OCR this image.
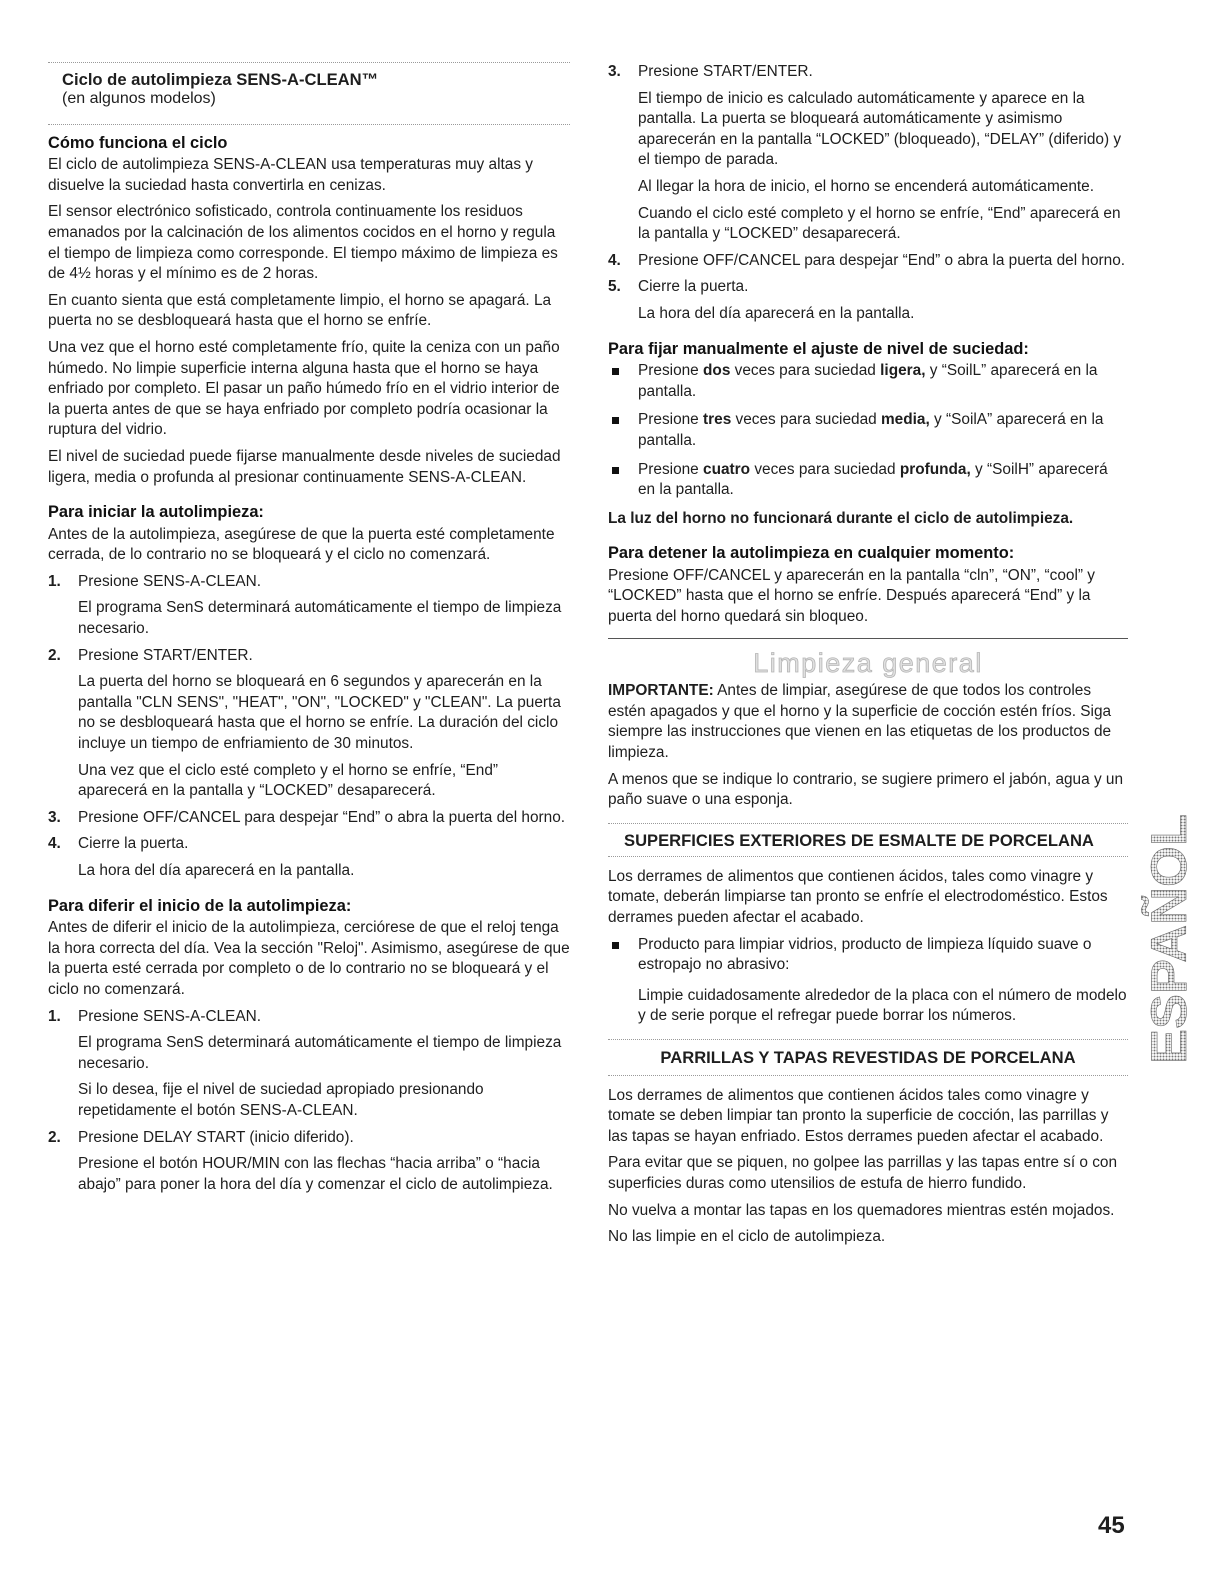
Ciclo de autolimpieza SENS-A-CLEAN™
(en algunos modelos)
Cómo funciona el ciclo

El ciclo de autolimpieza SENS-A-CLEAN usa temperaturas muy altas y disuelve la suciedad hasta convertirla en cenizas.

El sensor electrónico sofisticado, controla continuamente los residuos emanados por la calcinación de los alimentos cocidos en el horno y regula el tiempo de limpieza como corresponde. El tiempo máximo de limpieza es de 4½ horas y el mínimo es de 2 horas.

En cuanto sienta que está completamente limpio, el horno se apagará. La puerta no se desbloqueará hasta que el horno se enfríe.

Una vez que el horno esté completamente frío, quite la ceniza con un paño húmedo. No limpie superficie interna alguna hasta que el horno se haya enfriado por completo. El pasar un paño húmedo frío en el vidrio interior de la puerta antes de que se haya enfriado por completo podría ocasionar la ruptura del vidrio.

El nivel de suciedad puede fijarse manualmente desde niveles de suciedad ligera, media o profunda al presionar continuamente SENS-A-CLEAN.

Para iniciar la autolimpieza:

Antes de la autolimpieza, asegúrese de que la puerta esté completamente cerrada, de lo contrario no se bloqueará y el ciclo no comenzará.

1. Presione SENS-A-CLEAN.

El programa SenS determinará automáticamente el tiempo de limpieza necesario.

2. Presione START/ENTER.

La puerta del horno se bloqueará en 6 segundos y aparecerán en la pantalla "CLN SENS", "HEAT", "ON", "LOCKED" y "CLEAN". La puerta no se desbloqueará hasta que el horno se enfríe. La duración del ciclo incluye un tiempo de enfriamiento de 30 minutos.

Una vez que el ciclo esté completo y el horno se enfríe, “End” aparecerá en la pantalla y “LOCKED” desaparecerá.

3. Presione OFF/CANCEL para despejar “End” o abra la puerta del horno.

4. Cierre la puerta.

La hora del día aparecerá en la pantalla.

Para diferir el inicio de la autolimpieza:

Antes de diferir el inicio de la autolimpieza, cerciórese de que el reloj tenga la hora correcta del día. Vea la sección "Reloj". Asimismo, asegúrese de que la puerta esté cerrada por completo o de lo contrario no se bloqueará y el ciclo no comenzará.

1. Presione SENS-A-CLEAN.

El programa SenS determinará automáticamente el tiempo de limpieza necesario.

Si lo desea, fije el nivel de suciedad apropiado presionando repetidamente el botón SENS-A-CLEAN.

2. Presione DELAY START (inicio diferido).

Presione el botón HOUR/MIN con las flechas “hacia arriba” o “hacia abajo” para poner la hora del día y comenzar el ciclo de autolimpieza.

3. Presione START/ENTER.

El tiempo de inicio es calculado automáticamente y aparece en la pantalla. La puerta se bloqueará automáticamente y asimismo aparecerán en la pantalla “LOCKED” (bloqueado), “DELAY” (diferido) y el tiempo de parada.

Al llegar la hora de inicio, el horno se encenderá automáticamente.

Cuando el ciclo esté completo y el horno se enfríe, “End” aparecerá en la pantalla y “LOCKED” desaparecerá.

4. Presione OFF/CANCEL para despejar “End” o abra la puerta del horno.

5. Cierre la puerta.

La hora del día aparecerá en la pantalla.

Para fijar manualmente el ajuste de nivel de suciedad:
Presione dos veces para suciedad ligera, y “SoilL” aparecerá en la pantalla.
Presione tres veces para suciedad media, y “SoilA” aparecerá en la pantalla.
Presione cuatro veces para suciedad profunda, y “SoilH” aparecerá en la pantalla.
La luz del horno no funcionará durante el ciclo de autolimpieza.
Para detener la autolimpieza en cualquier momento:

Presione OFF/CANCEL y aparecerán en la pantalla “cln”, “ON”, “cool” y “LOCKED” hasta que el horno se enfríe. Después aparecerá “End” y la puerta del horno quedará sin bloqueo.

Limpieza general

IMPORTANTE: Antes de limpiar, asegúrese de que todos los controles estén apagados y que el horno y la superficie de cocción estén fríos. Siga siempre las instrucciones que vienen en las etiquetas de los productos de limpieza.

A menos que se indique lo contrario, se sugiere primero el jabón, agua y un paño suave o una esponja.

SUPERFICIES EXTERIORES DE ESMALTE DE PORCELANA

Los derrames de alimentos que contienen ácidos, tales como vinagre y tomate, deberán limpiarse tan pronto se enfríe el electrodoméstico. Estos derrames pueden afectar el acabado.

Producto para limpiar vidrios, producto de limpieza líquido suave o estropajo no abrasivo:

Limpie cuidadosamente alrededor de la placa con el número de modelo y de serie porque el refregar puede borrar los números.

PARRILLAS Y TAPAS REVESTIDAS DE PORCELANA

Los derrames de alimentos que contienen ácidos tales como vinagre y tomate se deben limpiar tan pronto la superficie de cocción, las parrillas y las tapas se hayan enfriado. Estos derrames pueden afectar el acabado.

Para evitar que se piquen, no golpee las parrillas y las tapas entre sí o con superficies duras como utensilios de estufa de hierro fundido.

No vuelva a montar las tapas en los quemadores mientras estén mojados.

No las limpie en el ciclo de autolimpieza.

ESPAÑOL
45
